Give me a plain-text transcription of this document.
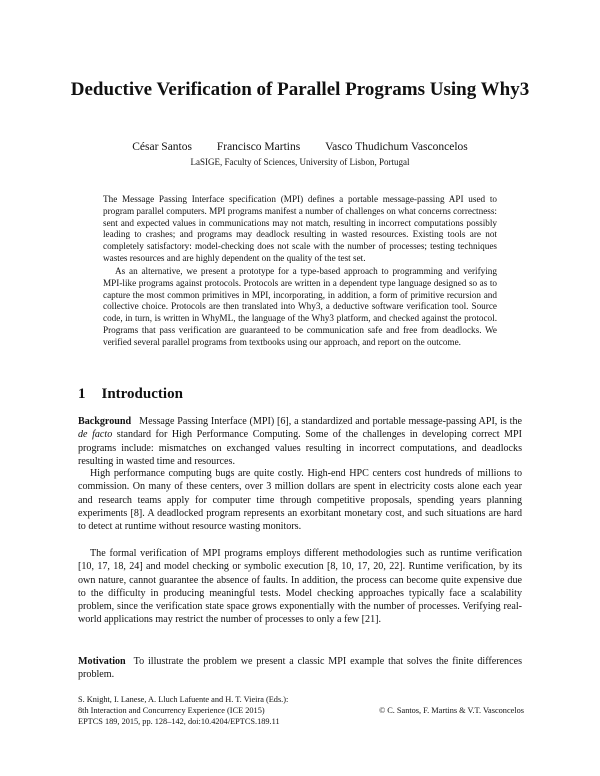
Deductive Verification of Parallel Programs Using Why3
César Santos Francisco Martins Vasco Thudichum Vasconcelos
LaSIGE, Faculty of Sciences, University of Lisbon, Portugal

The Message Passing Interface specification (MPI) defines a portable message-passing API used to program parallel computers. MPI programs manifest a number of challenges on what concerns correctness: sent and expected values in communications may not match, resulting in incorrect computations possibly leading to crashes; and programs may deadlock resulting in wasted resources. Existing tools are not completely satisfactory: model-checking does not scale with the number of processes; testing techniques wastes resources and are highly dependent on the quality of the test set.

As an alternative, we present a prototype for a type-based approach to programming and verifying MPI-like programs against protocols. Protocols are written in a dependent type language designed so as to capture the most common primitives in MPI, incorporating, in addition, a form of primitive recursion and collective choice. Protocols are then translated into Why3, a deductive software verification tool. Source code, in turn, is written in WhyML, the language of the Why3 platform, and checked against the protocol. Programs that pass verification are guaranteed to be communication safe and free from deadlocks. We verified several parallel programs from textbooks using our approach, and report on the outcome.

1 Introduction

Background Message Passing Interface (MPI) [6], a standardized and portable message-passing API, is the de facto standard for High Performance Computing. Some of the challenges in developing correct MPI programs include: mismatches on exchanged values resulting in incorrect computations, and deadlocks resulting in wasted time and resources.

High performance computing bugs are quite costly. High-end HPC centers cost hundreds of millions to commission. On many of these centers, over 3 million dollars are spent in electricity costs alone each year and research teams apply for computer time through competitive proposals, spending years planning experiments [8]. A deadlocked program represents an exorbitant monetary cost, and such situations are hard to detect at runtime without resource wasting monitors.

The formal verification of MPI programs employs different methodologies such as runtime verification [10, 17, 18, 24] and model checking or symbolic execution [8, 10, 17, 20, 22]. Runtime verification, by its own nature, cannot guarantee the absence of faults. In addition, the process can become quite expensive due to the difficulty in producing meaningful tests. Model checking approaches typically face a scalability problem, since the verification state space grows exponentially with the number of processes. Verifying real-world applications may restrict the number of processes to only a few [21].

Motivation To illustrate the problem we present a classic MPI example that solves the finite differences problem.

S. Knight, I. Lanese, A. Lluch Lafuente and H. T. Vieira (Eds.):
8th Interaction and Concurrency Experience (ICE 2015)
EPTCS 189, 2015, pp. 128–142, doi:10.4204/EPTCS.189.11
© C. Santos, F. Martins & V.T. Vasconcelos
